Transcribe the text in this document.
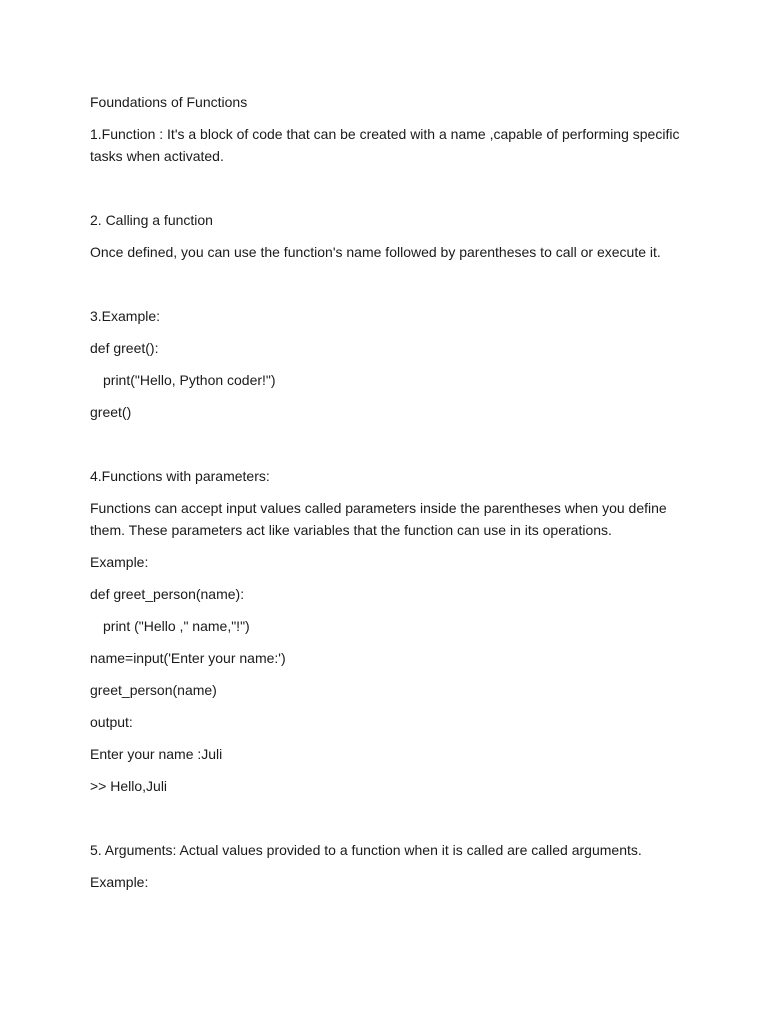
Foundations of Functions

1.Function : It's a block of code that can be created with a name ,capable of performing specific tasks when activated.

2. Calling a function

Once defined, you can use the function's name followed by parentheses to call or execute it.

3.Example:

def greet():

print("Hello, Python coder!")

greet()

4.Functions with parameters:

Functions can accept input values called parameters inside the parentheses when you define them. These parameters act like variables that the function can use in its operations.

Example:

def greet_person(name):

print ("Hello ," name,"!")

name=input('Enter your name:')

greet_person(name)

output:

Enter your name :Juli

>> Hello,Juli

5. Arguments: Actual values provided to a function when it is called are called arguments.

Example:
